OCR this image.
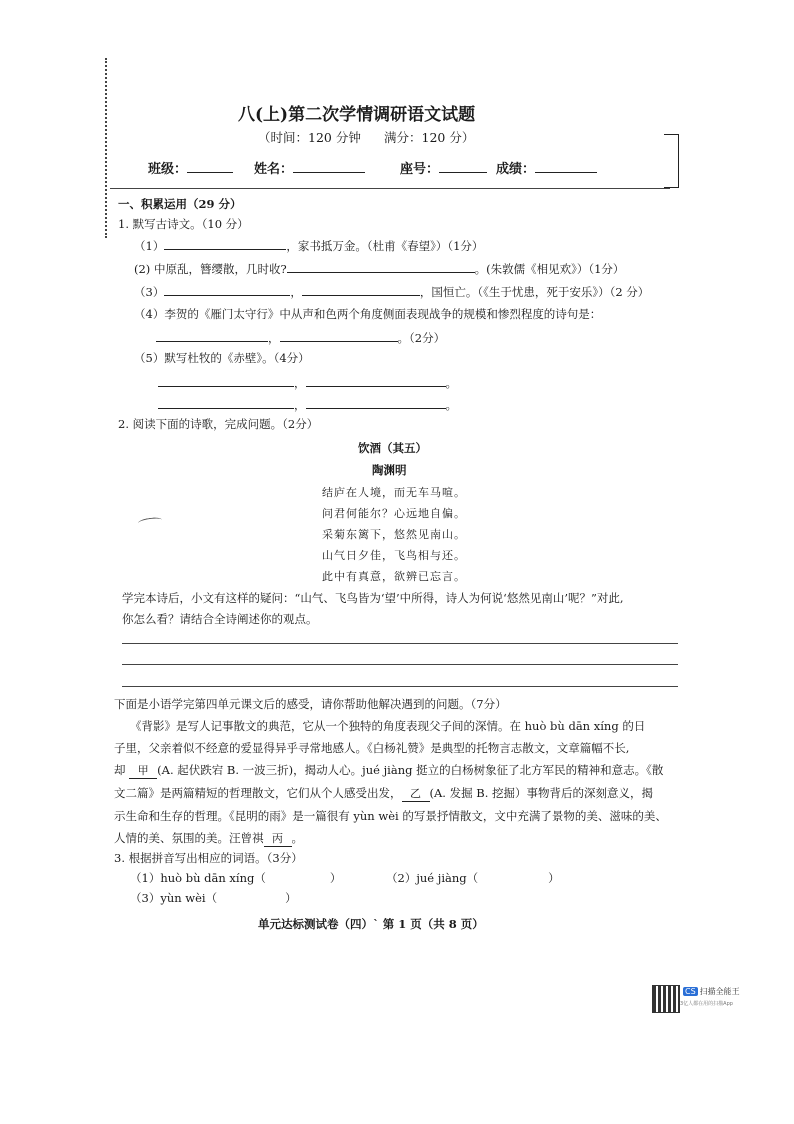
八(上)第二次学情调研语文试题
（时间：120 分钟 满分：120 分）
班级：	姓名：	座号：	成绩：
一、积累运用（29 分）
1. 默写古诗文。（10 分）
（1）	，家书抵万金。（杜甫《春望》）（1分）
(2) 中原乱，簪缨散，几时收?	。(朱敦儒《相见欢》）（1分）
（3）	，	，国恒亡。（《生于忧患，死于安乐》）（2 分）
（4）李贺的《雁门太守行》中从声和色两个角度侧面表现战争的规模和惨烈程度的诗句是：
，	。（2分）
（5）默写杜牧的《赤壁》。（4分）
，	。
，	。
2. 阅读下面的诗歌，完成问题。（2分）
饮酒（其五）
陶渊明
结庐在人境，而无车马喧。
问君何能尔？心远地自偏。
采菊东篱下，悠然见南山。
山气日夕佳，飞鸟相与还。
此中有真意，欲辨已忘言。
学完本诗后，小文有这样的疑问：“山气、飞鸟皆为‘望’中所得，诗人为何说‘悠然见南山’呢？”对此,
你怎么看？请结合全诗阐述你的观点。
下面是小语学完第四单元课文后的感受，请你帮助他解决遇到的问题。（7分）
《背影》是写人记事散文的典范，它从一个独特的角度表现父子间的深情。在 huò bù dān xíng 的日
子里，父亲着似不经意的爱显得异乎寻常地感人。《白杨礼赞》是典型的托物言志散文，文章篇幅不长,
却 甲 (A. 起伏跌宕 B. 一波三折)，揭动人心。jué jiàng 挺立的白杨树象征了北方军民的精神和意志。《散
文二篇》是两篇精短的哲理散文，它们从个人感受出发， 乙 (A. 发掘 B. 挖掘）事物背后的深刻意义，揭
示生命和生存的哲理。《昆明的雨》是一篇很有 yùn wèi 的写景抒情散文，文中充满了景物的美、滋味的美、
人情的美、氛围的美。汪曾祺 丙 。
3. 根据拼音写出相应的词语。（3分）
（1）huò bù dān xíng（	）	（2）jué jiàng（	）
（3）yùn wèi（	）
单元达标测试卷（四）` 第 1 页（共 8 页）
CS 扫描全能王
3亿人都在用的扫描App
